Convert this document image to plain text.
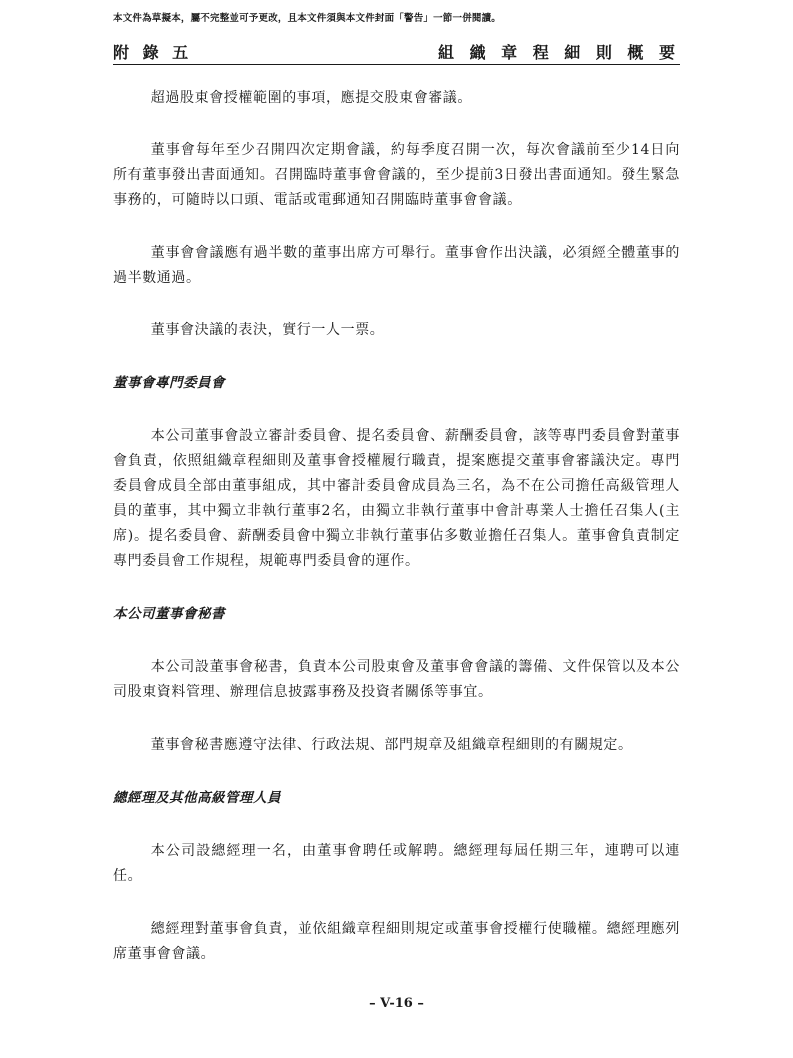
本文件為草擬本，屬不完整並可予更改，且本文件須與本文件封面「警告」一節一併閱讀。
附 錄 五	組 織 章 程 細 則 概 要

超過股東會授權範圍的事項，應提交股東會審議。

董事會每年至少召開四次定期會議，約每季度召開一次，每次會議前至少14日向所有董事發出書面通知。召開臨時董事會會議的，至少提前3日發出書面通知。發生緊急事務的，可隨時以口頭、電話或電郵通知召開臨時董事會會議。

董事會會議應有過半數的董事出席方可舉行。董事會作出決議，必須經全體董事的過半數通過。

董事會決議的表決，實行一人一票。

董事會專門委員會

本公司董事會設立審計委員會、提名委員會、薪酬委員會，該等專門委員會對董事會負責，依照組織章程細則及董事會授權履行職責，提案應提交董事會審議決定。專門委員會成員全部由董事組成，其中審計委員會成員為三名，為不在公司擔任高級管理人員的董事，其中獨立非執行董事2名，由獨立非執行董事中會計專業人士擔任召集人(主席)。提名委員會、薪酬委員會中獨立非執行董事佔多數並擔任召集人。董事會負責制定專門委員會工作規程，規範專門委員會的運作。

本公司董事會秘書

本公司設董事會秘書，負責本公司股東會及董事會會議的籌備、文件保管以及本公司股東資料管理、辦理信息披露事務及投資者關係等事宜。

董事會秘書應遵守法律、行政法規、部門規章及組織章程細則的有關規定。

總經理及其他高級管理人員

本公司設總經理一名，由董事會聘任或解聘。總經理每屆任期三年，連聘可以連任。

總經理對董事會負責，並依組織章程細則規定或董事會授權行使職權。總經理應列席董事會會議。

– V-16 –
